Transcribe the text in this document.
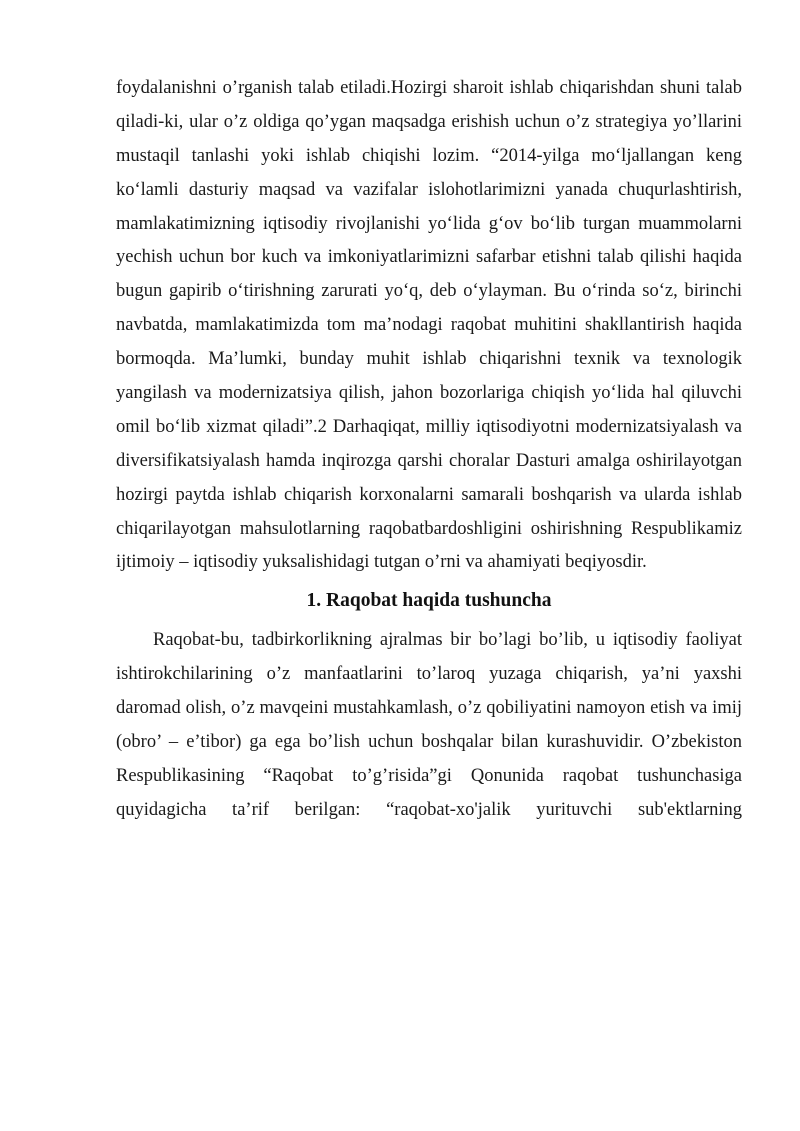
foydalanishni o’rganish talab etiladi.Hozirgi sharoit ishlab chiqarishdan shuni talab
qiladi-ki, ular o’z oldiga qo’ygan maqsadga erishish uchun o’z strategiya yo’llarini
mustaqil tanlashi yoki ishlab chiqishi lozim. “2014-yilga mo‘ljallangan keng
ko‘lamli dasturiy maqsad va vazifalar islohotlarimizni yanada chuqurlashtirish,
mamlakatimizning iqtisodiy rivojlanishi yo‘lida g‘ov bo‘lib turgan muammolarni
yechish uchun bor kuch va imkoniyatlarimizni safarbar etishni talab qilishi haqida
bugun gapirib o‘tirishning zarurati yo‘q, deb o‘ylayman. Bu o‘rinda so‘z, birinchi
navbatda, mamlakatimizda tom ma’nodagi raqobat muhitini shakllantirish haqida
bormoqda. Ma’lumki, bunday muhit ishlab chiqarishni texnik va texnologik
yangilash va modernizatsiya qilish, jahon bozorlariga chiqish yo‘lida hal qiluvchi
omil bo‘lib xizmat qiladi”.2 Darhaqiqat, milliy iqtisodiyotni modernizatsiyalash va
diversifikatsiyalash hamda inqirozga qarshi choralar Dasturi amalga oshirilayotgan
hozirgi paytda ishlab chiqarish korxonalarni samarali boshqarish va ularda ishlab
chiqarilayotgan mahsulotlarning raqobatbardoshligini oshirishning Respublikamiz
ijtimoiy – iqtisodiy yuksalishidagi tutgan o’rni va ahamiyati beqiyosdir.
1. Raqobat haqida tushuncha
Raqobat-bu, tadbirkorlikning ajralmas bir bo’lagi bo’lib, u iqtisodiy faoliyat
ishtirokchilarining o’z manfaatlarini to’laroq yuzaga chiqarish, ya’ni yaxshi
daromad olish, o’z mavqeini mustahkamlash, o’z qobiliyatini namoyon etish va imij
(obro’ – e’tibor) ga ega bo’lish uchun boshqalar bilan kurashuvidir. O’zbekiston
Respublikasining “Raqobat to’g’risida”gi Qonunida raqobat tushunchasiga
quyidagicha ta’rif berilgan: “raqobat-xo'jalik yurituvchi sub'ektlarning
